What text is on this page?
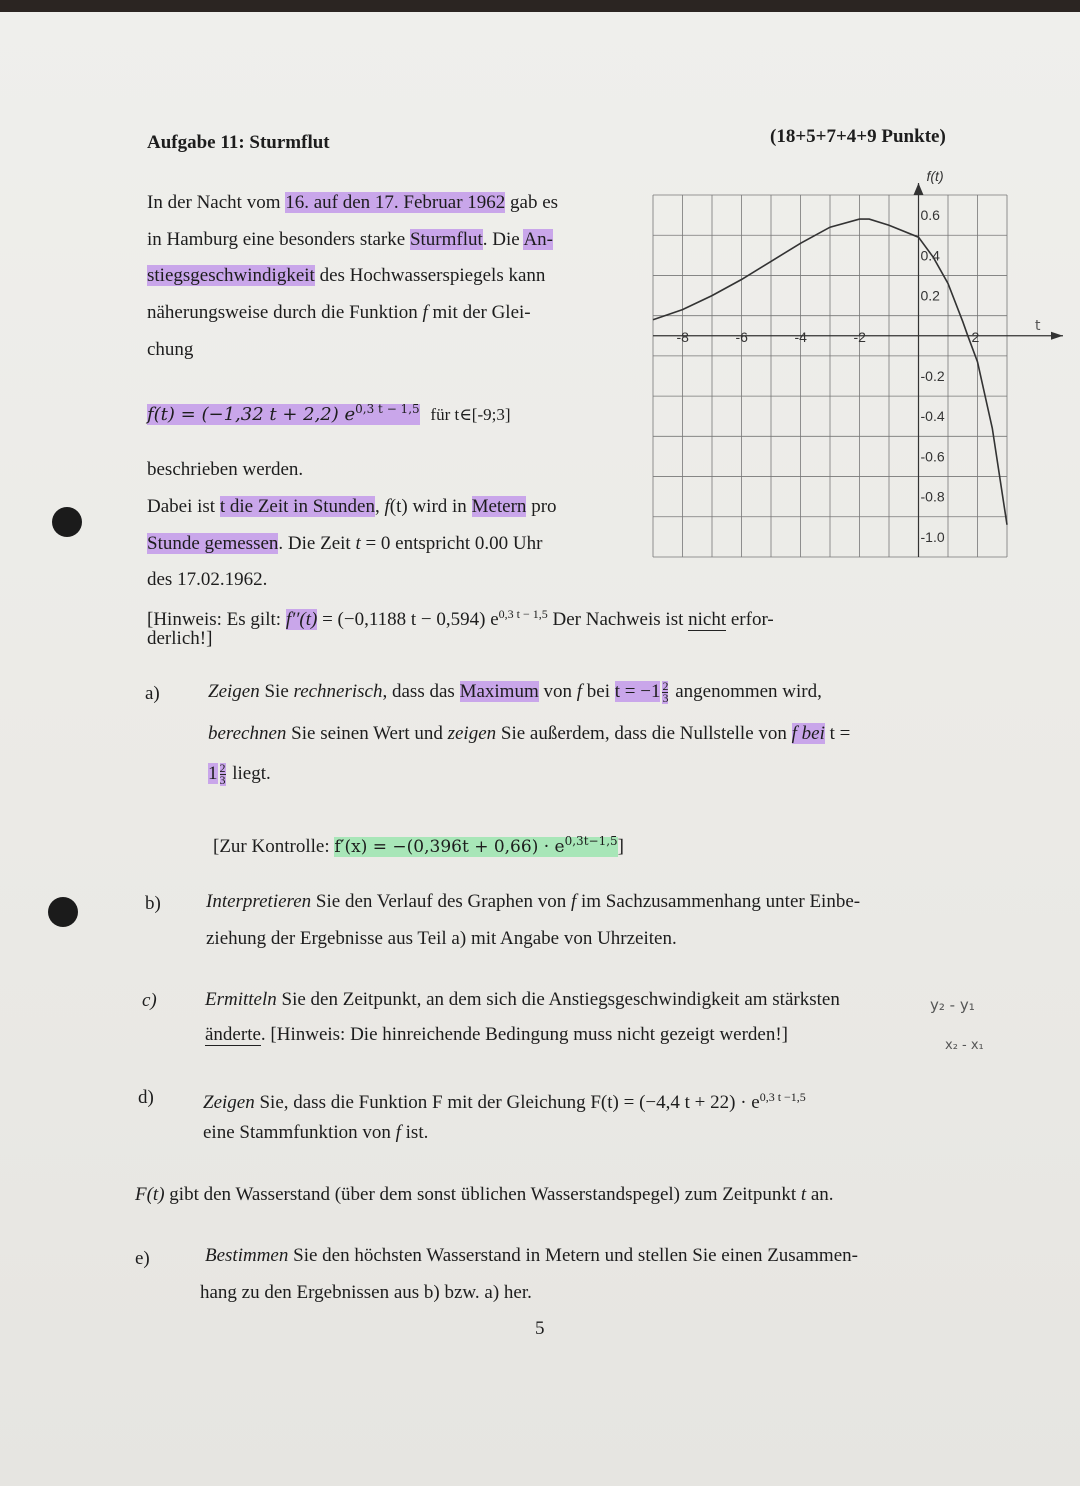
Aufgabe 11: Sturmflut	(18+5+7+4+9 Punkte)
In der Nacht vom 16. auf den 17. Februar 1962 gab es
in Hamburg eine besonders starke Sturmflut. Die An-
stiegsgeschwindigkeit des Hochwasserspiegels kann
näherungsweise durch die Funktion f mit der Glei-
chung
f(t) = (−1,32 t + 2,2) $e^{0,3 t - 1,5}$ für t∈[-9;3]
beschrieben werden.
Dabei ist t die Zeit in Stunden, f(t) wird in Metern pro
Stunde gemessen. Die Zeit t = 0 entspricht 0.00 Uhr
des 17.02.1962.
[Hinweis: Es gilt: f′′(t) = (−0,1188 t − 0,594) $e^{0,3 t - 1,5}$ Der Nachweis ist nicht erfor-
derlich!]
-8	-6	-4	-2	2
0.6
0.4
0.2
-0.2
-0.4
-0.6
-0.8
-1.0
f(t)
t
a)	Zeigen Sie rechnerisch, dass das Maximum von f bei $t = -1 \frac{2}{3}$ angenommen wird,
berechnen Sie seinen Wert und zeigen Sie außerdem, dass die Nullstelle von f bei t =
$1 \frac{2}{3}$ liegt.
[Zur Kontrolle: $f'(x) = -(0,396t + 0,66) \cdot e^{0,3t-1,5}$]
b) Interpretieren Sie den Verlauf des Graphen von f im Sachzusammenhang unter Einbe-
ziehung der Ergebnisse aus Teil a) mit Angabe von Uhrzeiten.
c)	Ermitteln Sie den Zeitpunkt, an dem sich die Anstiegsgeschwindigkeit am stärksten
änderte. [Hinweis: Die hinreichende Bedingung muss nicht gezeigt werden!]
y₂ - y₁
x₂ - x₁
d)	Zeigen Sie, dass die Funktion F mit der Gleichung F(t) = (−4,4 $t + 22) \cdot e^{0,3 t -1,5}$
eine Stammfunktion von f ist.
F(t) gibt den Wasserstand (über dem sonst üblichen Wasserstandspegel) zum Zeitpunkt t an.
e)	Bestimmen Sie den höchsten Wasserstand in Metern und stellen Sie einen Zusammen-
hang zu den Ergebnissen aus b) bzw. a) her.
5
